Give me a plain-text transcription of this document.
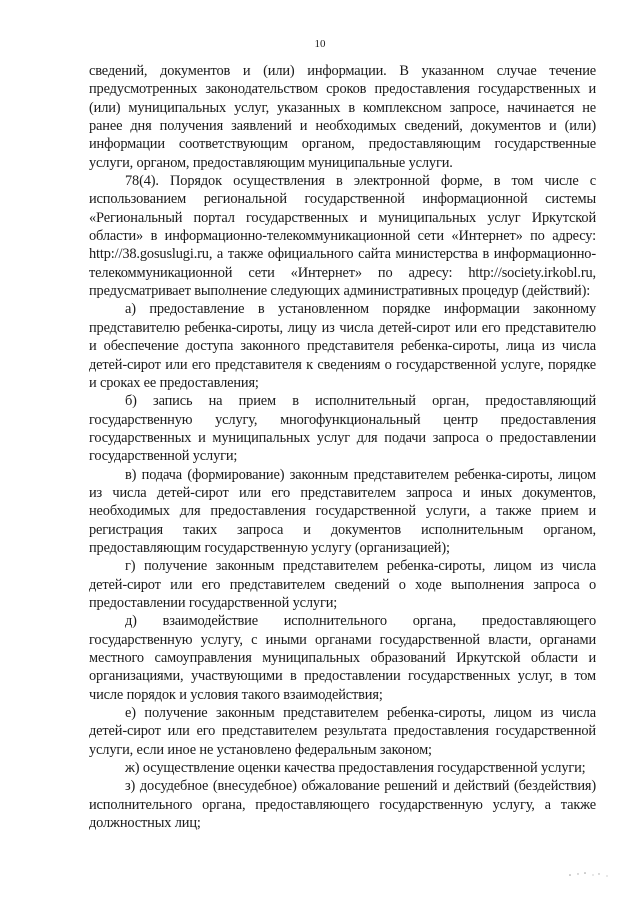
10

сведений, документов и (или) информации. В указанном случае течение предусмотренных законодательством сроков предоставления государственных и (или) муниципальных услуг, указанных в комплексном запросе, начинается не ранее дня получения заявлений и необходимых сведений, документов и (или) информации соответствующим органом, предоставляющим государственные услуги, органом, предоставляющим муниципальные услуги.

78(4). Порядок осуществления в электронной форме, в том числе с использованием региональной государственной информационной системы «Региональный портал государственных и муниципальных услуг Иркутской области» в информационно-телекоммуникационной сети «Интернет» по адресу: http://38.gosuslugi.ru, а также официального сайта министерства в информационно-телекоммуникационной сети «Интернет» по адресу: http://society.irkobl.ru, предусматривает выполнение следующих административных процедур (действий):

а) предоставление в установленном порядке информации законному представителю ребенка-сироты, лицу из числа детей-сирот или его представителю и обеспечение доступа законного представителя ребенка-сироты, лица из числа детей-сирот или его представителя к сведениям о государственной услуге, порядке и сроках ее предоставления;

б) запись на прием в исполнительный орган, предоставляющий государственную услугу, многофункциональный центр предоставления государственных и муниципальных услуг для подачи запроса о предоставлении государственной услуги;

в) подача (формирование) законным представителем ребенка-сироты, лицом из числа детей-сирот или его представителем запроса и иных документов, необходимых для предоставления государственной услуги, а также прием и регистрация таких запроса и документов исполнительным органом, предоставляющим государственную услугу (организацией);

г) получение законным представителем ребенка-сироты, лицом из числа детей-сирот или его представителем сведений о ходе выполнения запроса о предоставлении государственной услуги;

д) взаимодействие исполнительного органа, предоставляющего государственную услугу, с иными органами государственной власти, органами местного самоуправления муниципальных образований Иркутской области и организациями, участвующими в предоставлении государственных услуг, в том числе порядок и условия такого взаимодействия;

е) получение законным представителем ребенка-сироты, лицом из числа детей-сирот или его представителем результата предоставления государственной услуги, если иное не установлено федеральным законом;

ж) осуществление оценки качества предоставления государственной услуги;

з) досудебное (внесудебное) обжалование решений и действий (бездействия) исполнительного органа, предоставляющего государственную услугу, а также должностных лиц;
